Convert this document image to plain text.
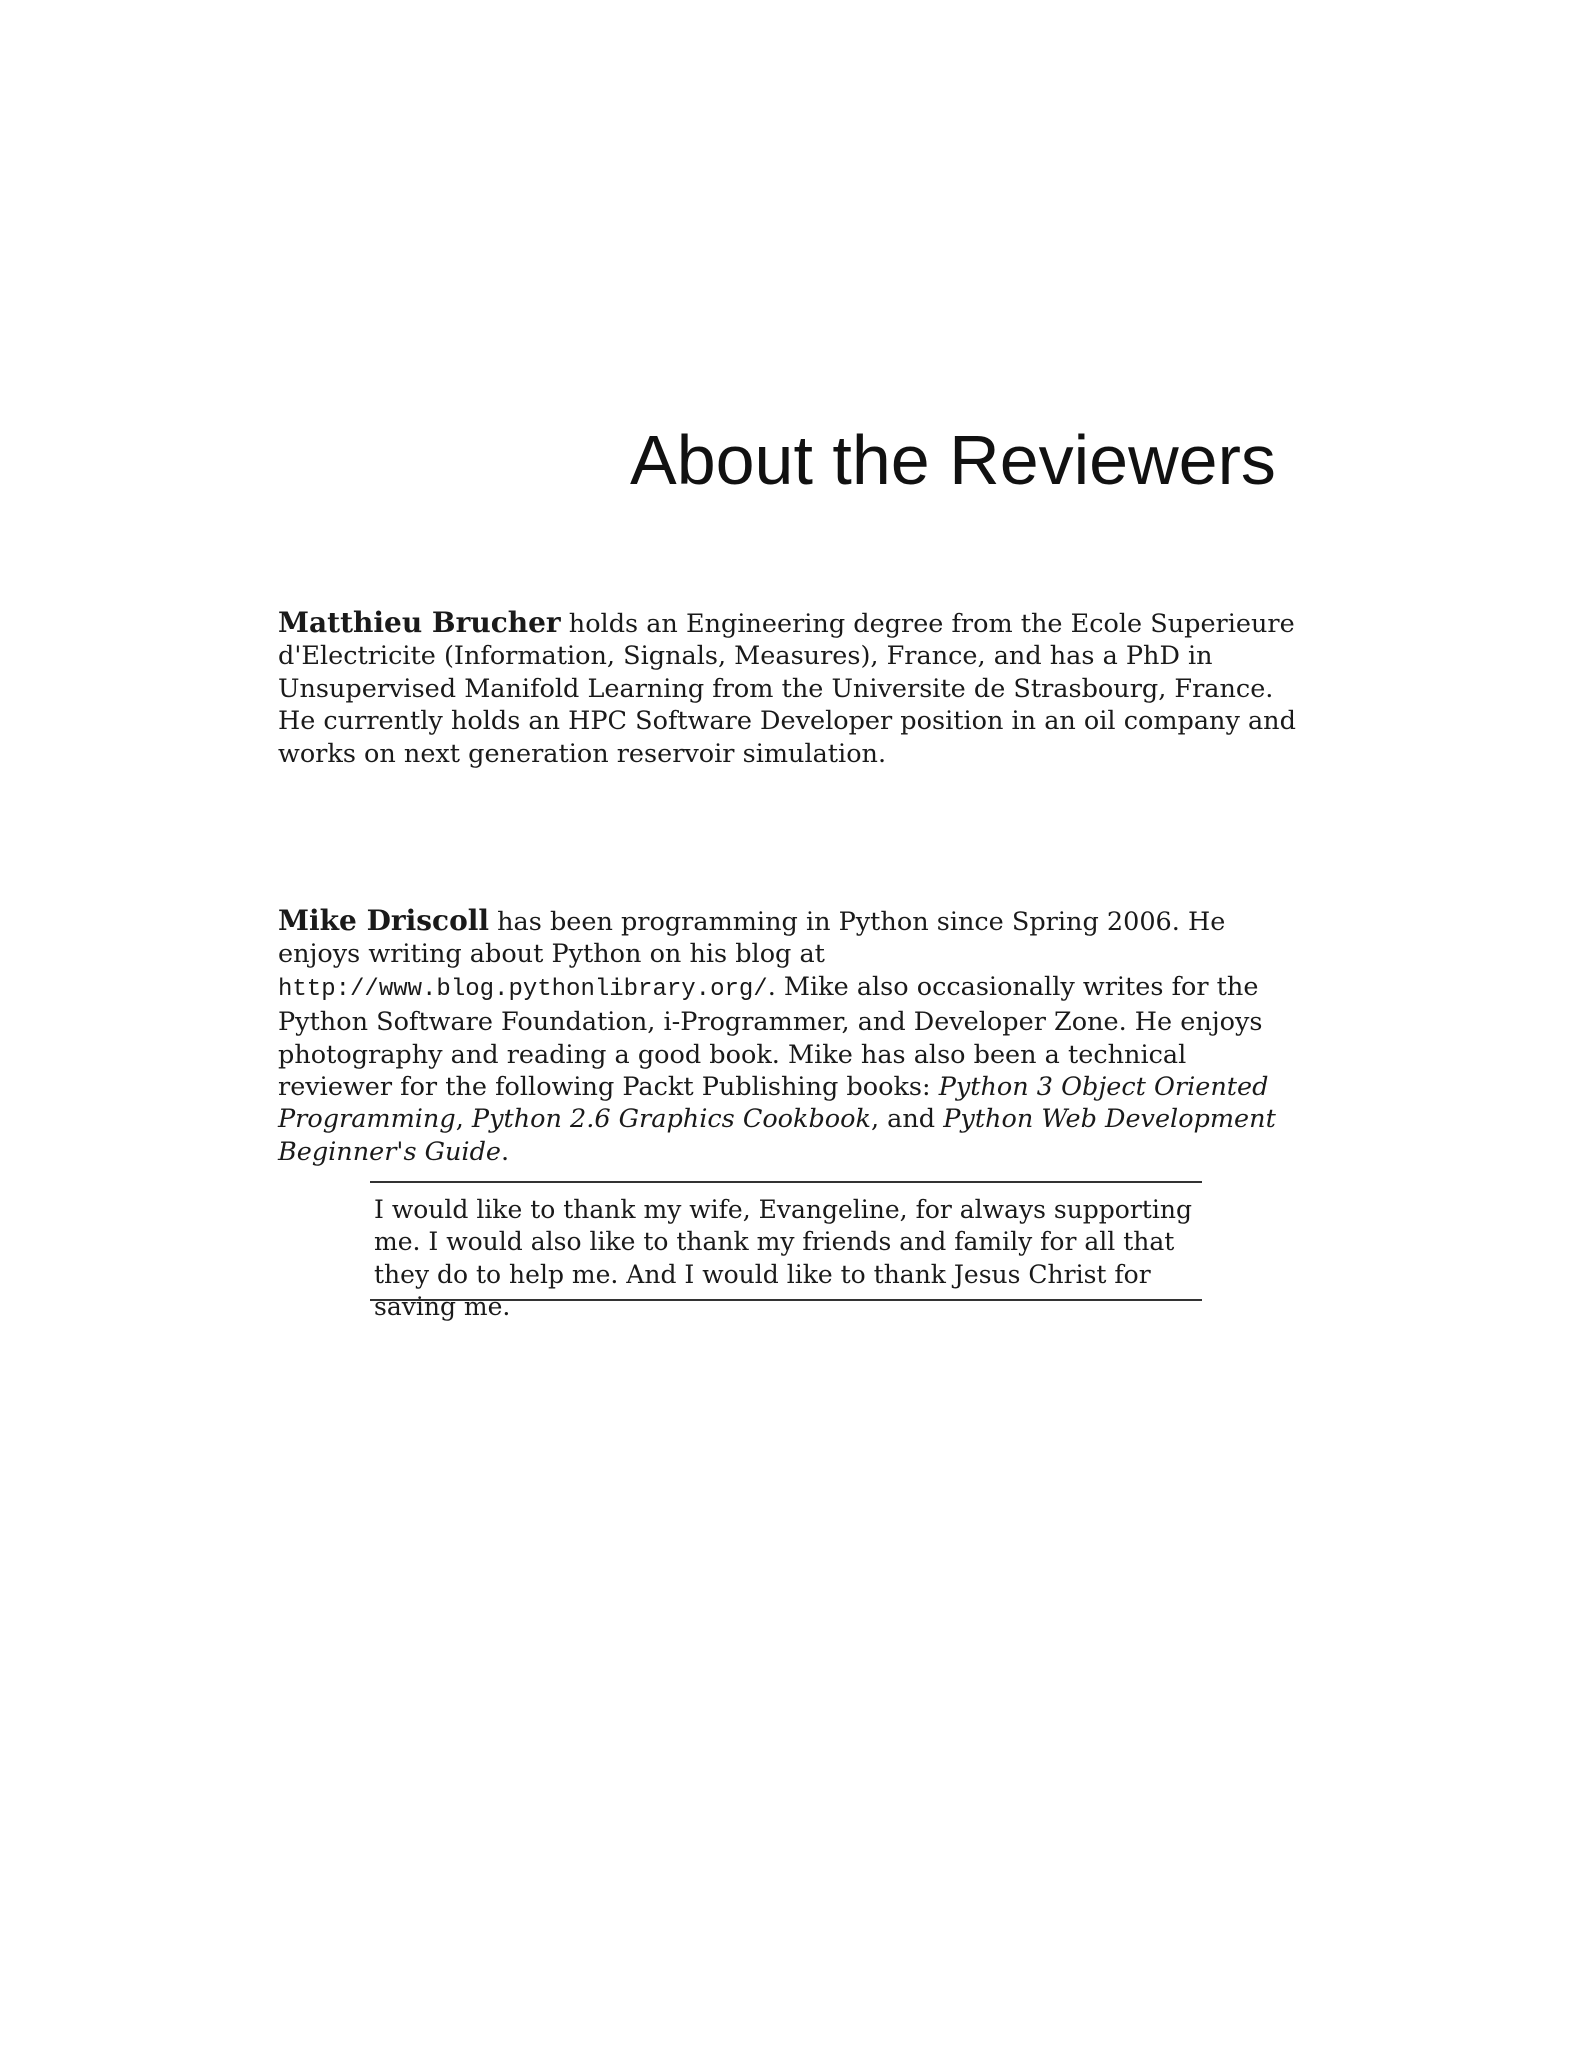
About the Reviewers

Matthieu Brucher holds an Engineering degree from the Ecole Superieure d'Electricite (Information, Signals, Measures), France, and has a PhD in Unsupervised Manifold Learning from the Universite de Strasbourg, France. He currently holds an HPC Software Developer position in an oil company and works on next generation reservoir simulation.

Mike Driscoll has been programming in Python since Spring 2006. He enjoys writing about Python on his blog at http://www.blog.pythonlibrary.org/. Mike also occasionally writes for the Python Software Foundation, i-Programmer, and Developer Zone. He enjoys photography and reading a good book. Mike has also been a technical reviewer for the following Packt Publishing books: Python 3 Object Oriented Programming, Python 2.6 Graphics Cookbook, and Python Web Development Beginner's Guide.

I would like to thank my wife, Evangeline, for always supporting me. I would also like to thank my friends and family for all that they do to help me. And I would like to thank Jesus Christ for saving me.
